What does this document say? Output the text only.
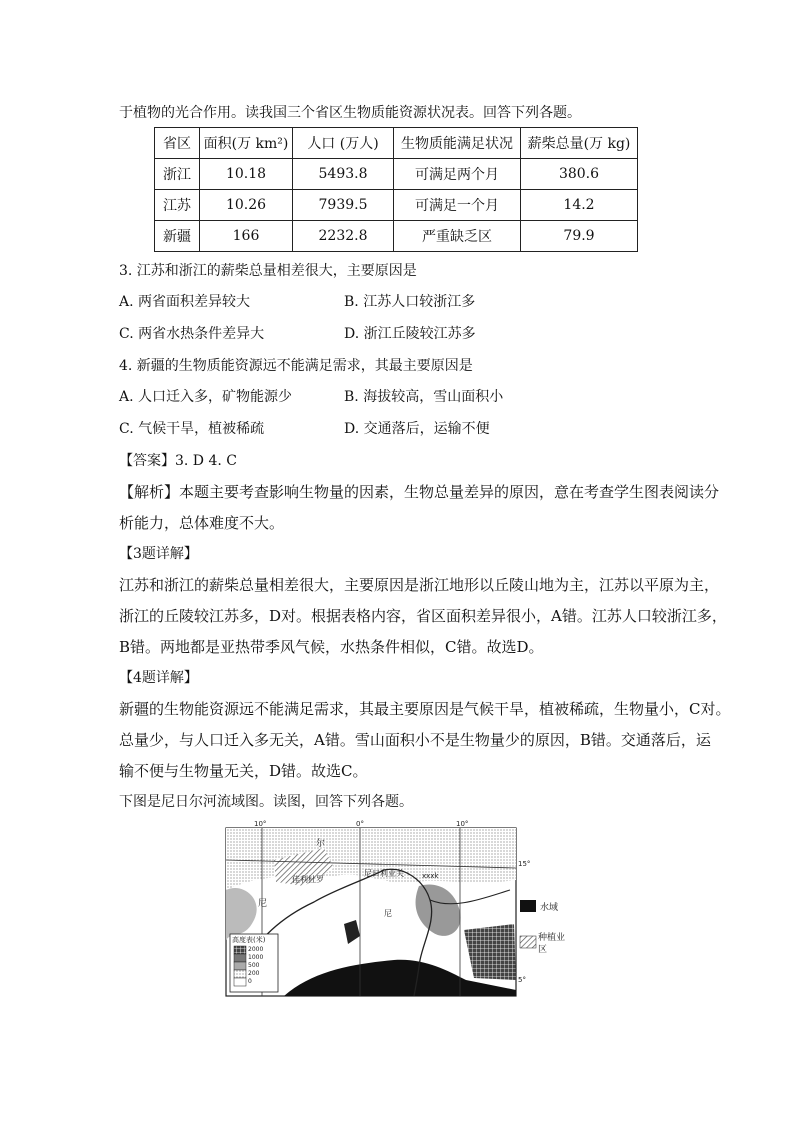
于植物的光合作用。读我国三个省区生物质能资源状况表。回答下列各题。
省区	面积(万 km²)	人口 (万人)	生物质能满足状况	薪柴总量(万 kg)
浙江	10.18	5493.8	可满足两个月	380.6
江苏	10.26	7939.5	可满足一个月	14.2
新疆	166	2232.8	严重缺乏区	79.9
3. 江苏和浙江的薪柴总量相差很大，主要原因是
A. 两省面积差异较大	B. 江苏人口较浙江多
C. 两省水热条件差异大	D. 浙江丘陵较江苏多
4. 新疆的生物质能资源远不能满足需求，其最主要原因是
A. 人口迁入多，矿物能源少	B. 海拔较高，雪山面积小
C. 气候干旱，植被稀疏	D. 交通落后，运输不便
【答案】3. D 4. C
【解析】本题主要考查影响生物量的因素，生物总量差异的原因，意在考查学生图表阅读分
析能力，总体难度不大。
【3题详解】
江苏和浙江的薪柴总量相差很大，主要原因是浙江地形以丘陵山地为主，江苏以平原为主，
浙江的丘陵较江苏多，D对。根据表格内容，省区面积差异很小，A错。江苏人口较浙江多，
B错。两地都是亚热带季风气候，水热条件相似，C错。故选D。
【4题详解】
新疆的生物能资源远不能满足需求，其最主要原因是气候干旱，植被稀疏，生物量小，C对。
总量少，与人口迁入多无关，A错。雪山面积小不是生物量少的原因，B错。交通落后，运
输不便与生物量无关，D错。故选C。
下图是尼日尔河流域图。读图，回答下列各题。
10°	0°	10°
15°
5°
尔
尼
佳利杜罗
尼日利亚关
尼
xxxk
高度表(米)
2000
1000
500
200
0
水域
种植业区
